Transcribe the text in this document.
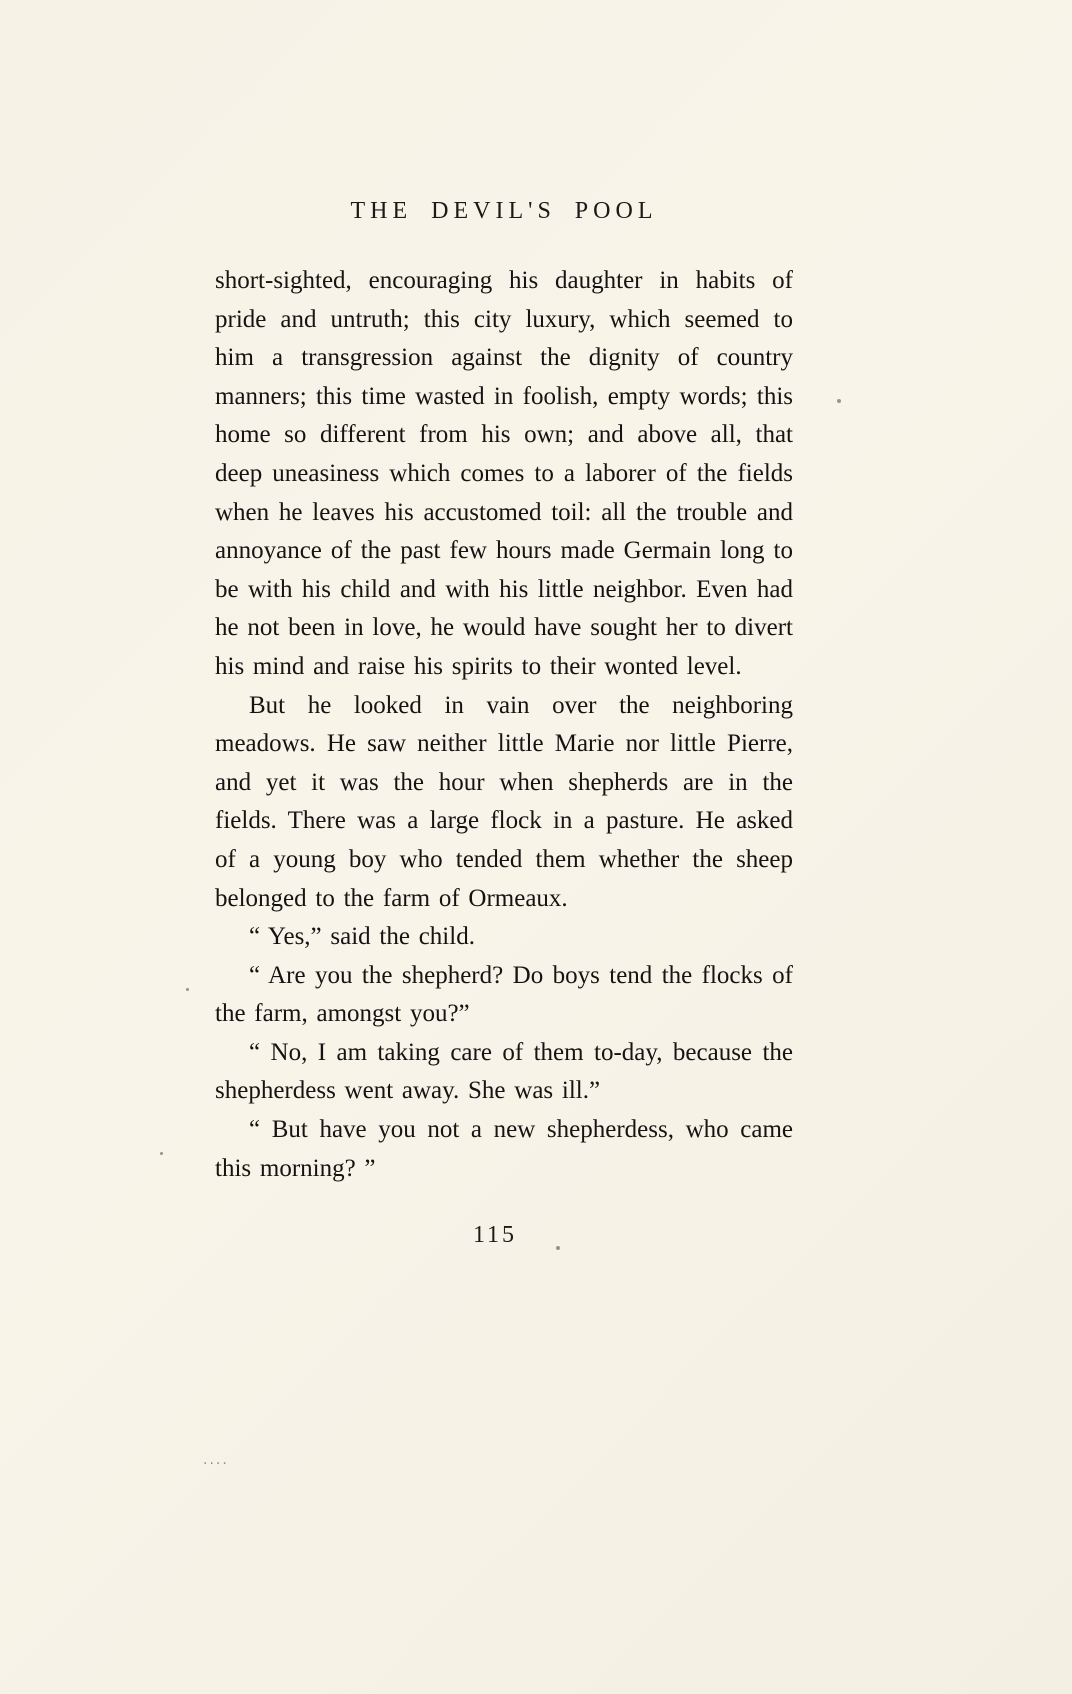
THE DEVIL'S POOL

short-sighted, encouraging his daughter in habits of pride and untruth; this city luxury, which seemed to him a transgression against the dignity of country manners; this time wasted in foolish, empty words; this home so different from his own; and above all, that deep uneasiness which comes to a laborer of the fields when he leaves his accustomed toil: all the trouble and annoyance of the past few hours made Germain long to be with his child and with his little neighbor. Even had he not been in love, he would have sought her to divert his mind and raise his spirits to their wonted level.

But he looked in vain over the neighboring meadows. He saw neither little Marie nor little Pierre, and yet it was the hour when shepherds are in the fields. There was a large flock in a pasture. He asked of a young boy who tended them whether the sheep belonged to the farm of Ormeaux.

“ Yes,” said the child.

“ Are you the shepherd? Do boys tend the flocks of the farm, amongst you?”

“ No, I am taking care of them to-day, because the shepherdess went away. She was ill.”

“ But have you not a new shepherdess, who came this morning? ”

115
....
